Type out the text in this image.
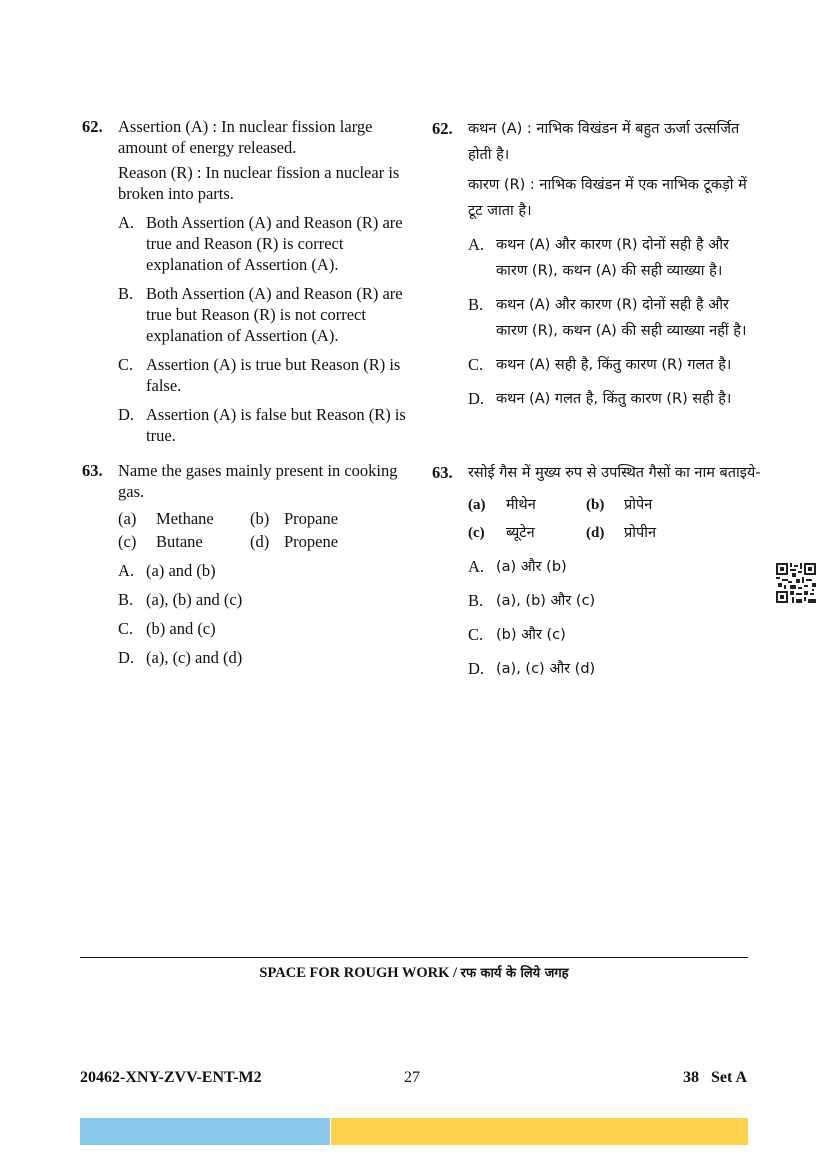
62. Assertion (A) : In nuclear fission large amount of energy released.

Reason (R) : In nuclear fission a nuclear is broken into parts.

A. Both Assertion (A) and Reason (R) are true and Reason (R) is correct explanation of Assertion (A).
B. Both Assertion (A) and Reason (R) are true but Reason (R) is not correct explanation of Assertion (A).
C. Assertion (A) is true but Reason (R) is false.
D. Assertion (A) is false but Reason (R) is true.
63. Name the gases mainly present in cooking gas.

(a)	Methane	(b) Propane
(c)	Butane	(d) Propene
A. (a) and (b)
B. (a), (b) and (c)
C. (b) and (c)
D. (a), (c) and (d)
62. कथन (A) : नाभिक विखंडन में बहुत ऊर्जा उत्सर्जित होती है।

कारण (R) : नाभिक विखंडन में एक नाभिक टूकड़ो में टूट जाता है।

A. कथन (A) और कारण (R) दोनों सही है और कारण (R), कथन (A) की सही व्याख्या है।
B. कथन (A) और कारण (R) दोनों सही है और कारण (R), कथन (A) की सही व्याख्या नहीं है।
C. कथन (A) सही है, किंतु कारण (R) गलत है।
D. कथन (A) गलत है, किंतु कारण (R) सही है।
63. रसोई गैस में मुख्य रुप से उपस्थित गैसों का नाम बताइये-

(a)	मीथेन	(b)	प्रोपेन
(c)	ब्यूटेन	(d)	प्रोपीन
A. (a) और (b)
B. (a), (b) और (c)
C. (b) और (c)
D. (a), (c) और (d)
SPACE FOR ROUGH WORK / रफ कार्य के लिये जगह
20462-XNY-ZVV-ENT-M2	27	38   Set A
